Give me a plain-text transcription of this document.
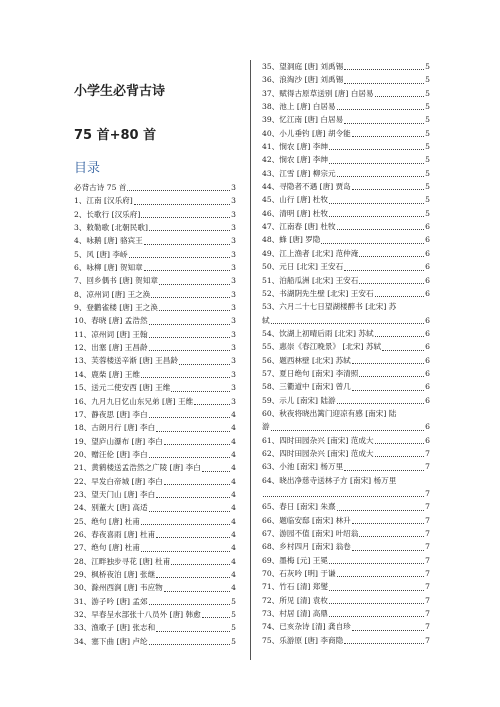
小学生必背古诗
75 首+80 首
目录
必背古诗 75 首	3
1、江南 [汉乐府]	3
2、长歌行 [汉乐府]	3
3、敕勒歌 [北朝民歌]	3
4、咏鹅 [唐] 骆宾王	3
5、风 [唐] 李峤	3
6、咏柳 [唐] 贺知章	3
7、回乡偶书 [唐] 贺知章	3
8、凉州词 [唐] 王之涣	3
9、登鹳雀楼 [唐] 王之涣	3
10、春晓 [唐] 孟浩然	3
11、凉州词 [唐] 王翰	3
12、出塞 [唐] 王昌龄	3
13、芙蓉楼送辛渐 [唐] 王昌龄	3
14、鹿柴 [唐] 王维	3
15、送元二使安西 [唐] 王维	3
16、九月九日忆山东兄弟 [唐] 王维	3
17、静夜思 [唐] 李白	4
18、古朗月行 [唐] 李白	4
19、望庐山瀑布 [唐] 李白	4
20、赠汪伦 [唐] 李白	4
21、黄鹤楼送孟浩然之广陵 [唐] 李白	4
22、早发白帝城 [唐] 李白	4
23、望天门山 [唐] 李白	4
24、别董大 [唐] 高适	4
25、绝句 [唐] 杜甫	4
26、春夜喜雨 [唐] 杜甫	4
27、绝句 [唐] 杜甫	4
28、江畔独步寻花 [唐] 杜甫	4
29、枫桥夜泊 [唐] 张继	4
30、滁州西涧 [唐] 韦应物	4
31、游子吟 [唐] 孟郊	5
32、早春呈水部张十八员外 [唐] 韩愈	5
33、渔歌子 [唐] 张志和	5
34、塞下曲 [唐] 卢纶	5
35、望洞庭 [唐] 刘禹锡	5
36、浪淘沙 [唐] 刘禹锡	5
37、赋得古原草送别 [唐] 白居易	5
38、池上 [唐] 白居易	5
39、忆江南 [唐] 白居易	5
40、小儿垂钓 [唐] 胡令能	5
41、悯农 [唐] 李绅	5
42、悯农 [唐] 李绅	5
43、江雪 [唐] 柳宗元	5
44、寻隐者不遇 [唐] 贾岛	5
45、山行 [唐] 杜牧	5
46、清明 [唐] 杜牧	5
47、江南春 [唐] 杜牧	6
48、蜂 [唐] 罗隐	6
49、江上渔者 [北宋] 范仲淹	6
50、元日 [北宋] 王安石	6
51、泊船瓜洲 [北宋] 王安石	6
52、书湖阴先生壁 [北宋] 王安石	6
53、六月二十七日望湖楼醉书 [北宋] 苏
轼	6
54、饮湖上初晴后雨 [北宋] 苏轼	6
55、惠崇《春江晚景》 [北宋] 苏轼	6
56、题西林壁 [北宋] 苏轼	6
57、夏日绝句 [南宋] 李清照	6
58、三衢道中 [南宋] 曾几	6
59、示儿 [南宋] 陆游	6
60、秋夜将晓出篱门迎凉有感 [南宋] 陆
游	6
61、四时田园杂兴 [南宋] 范成大	6
62、四时田园杂兴 [南宋] 范成大	7
63、小池 [南宋] 杨万里	7
64、晓出净慈寺送林子方 [南宋] 杨万里
7
65、春日 [南宋] 朱熹	7
66、题临安邸 [南宋] 林升	7
67、游园不值 [南宋] 叶绍翁	7
68、乡村四月 [南宋] 翁卷	7
69、墨梅 [元] 王冕	7
70、石灰吟 [明] 于谦	7
71、竹石 [清] 郑燮	7
72、所见 [清] 袁枚	7
73、村居 [清] 高鼎	7
74、已亥杂诗 [清] 龚自珍	7
75、乐游原 [唐] 李商隐	7
